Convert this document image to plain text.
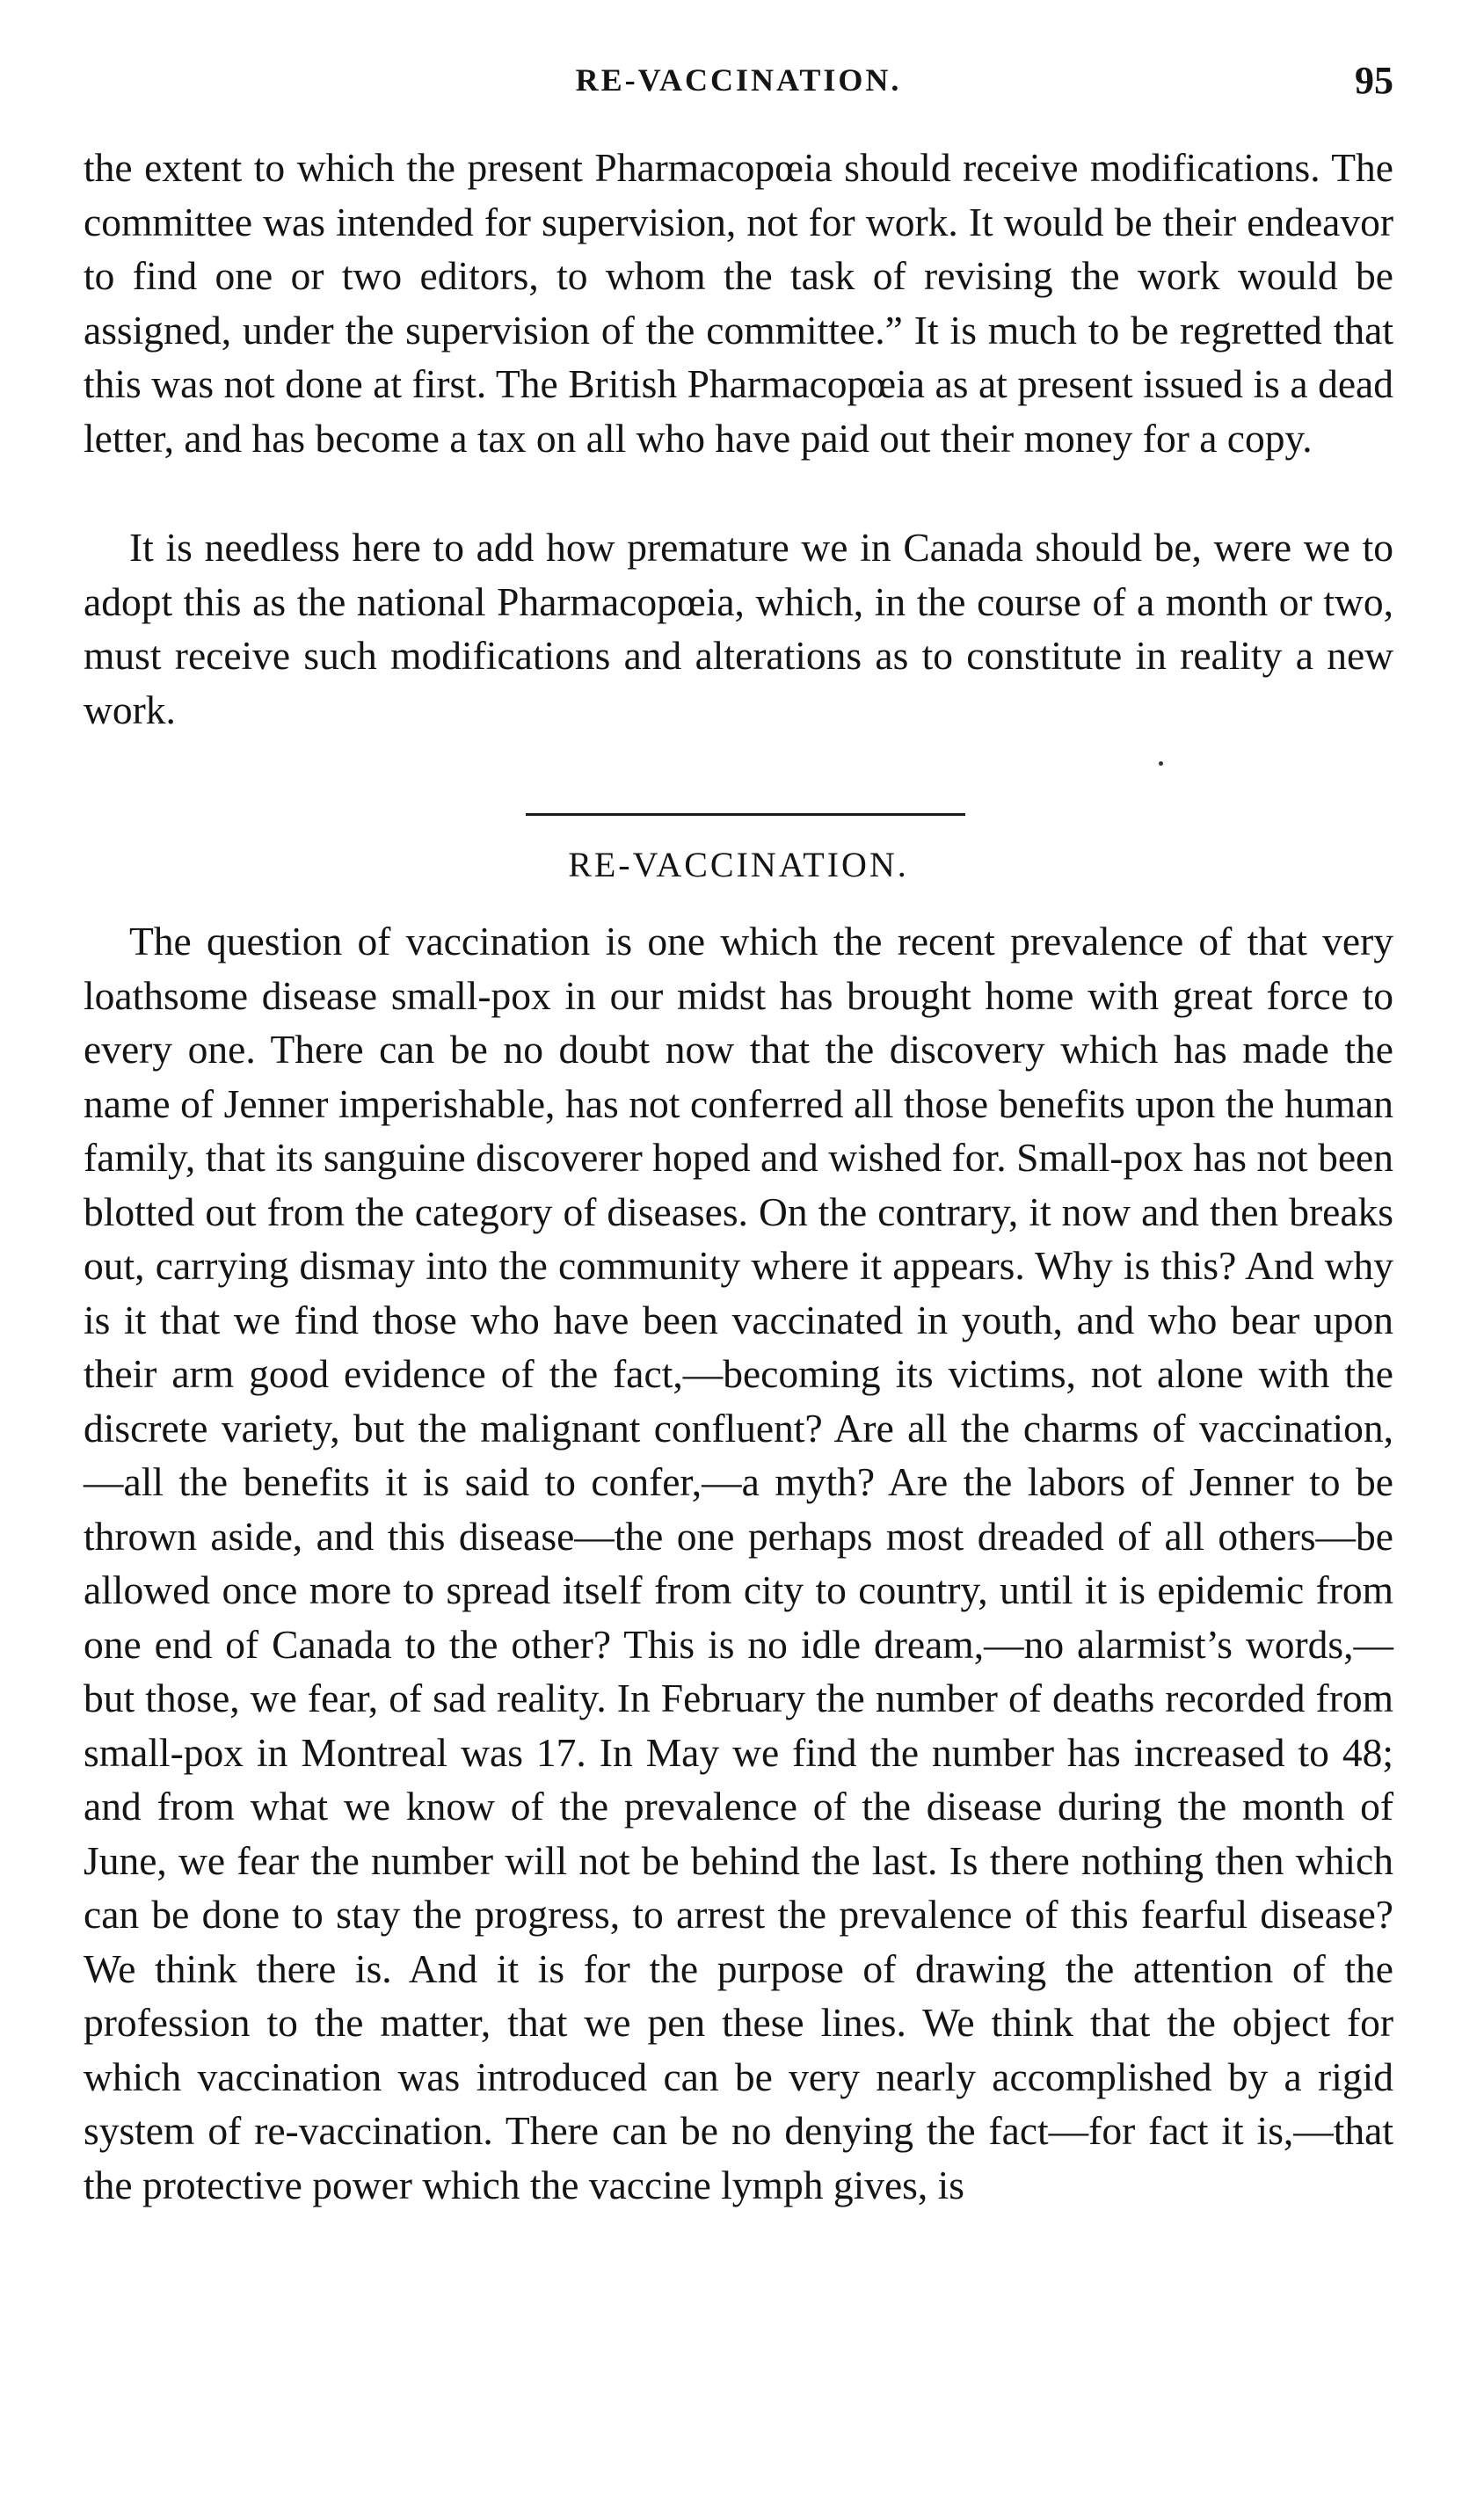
RE-VACCINATION.	95

the extent to which the present Pharmacopœia should receive modifications. The committee was intended for supervision, not for work. It would be their endeavor to find one or two editors, to whom the task of revising the work would be assigned, under the supervision of the committee.” It is much to be regretted that this was not done at first. The British Pharmacopœia as at present issued is a dead letter, and has become a tax on all who have paid out their money for a copy.

It is needless here to add how premature we in Canada should be, were we to adopt this as the national Pharmacopœia, which, in the course of a month or two, must receive such modifications and alterations as to constitute in reality a new work.

RE-VACCINATION.

The question of vaccination is one which the recent prevalence of that very loathsome disease small-pox in our midst has brought home with great force to every one. There can be no doubt now that the discovery which has made the name of Jenner imperishable, has not conferred all those benefits upon the human family, that its sanguine discoverer hoped and wished for. Small-pox has not been blotted out from the category of diseases. On the contrary, it now and then breaks out, carrying dismay into the community where it appears. Why is this? And why is it that we find those who have been vaccinated in youth, and who bear upon their arm good evidence of the fact,—becoming its victims, not alone with the discrete variety, but the malignant confluent? Are all the charms of vaccination,—all the benefits it is said to confer,—a myth? Are the labors of Jenner to be thrown aside, and this disease—the one perhaps most dreaded of all others—be allowed once more to spread itself from city to country, until it is epidemic from one end of Canada to the other? This is no idle dream,—no alarmist’s words,—but those, we fear, of sad reality. In February the number of deaths recorded from small-pox in Montreal was 17. In May we find the number has increased to 48; and from what we know of the prevalence of the disease during the month of June, we fear the number will not be behind the last. Is there nothing then which can be done to stay the progress, to arrest the prevalence of this fearful disease? We think there is. And it is for the purpose of drawing the attention of the profession to the matter, that we pen these lines. We think that the object for which vaccination was introduced can be very nearly accomplished by a rigid system of re-vaccination. There can be no denying the fact—for fact it is,—that the protective power which the vaccine lymph gives, is
